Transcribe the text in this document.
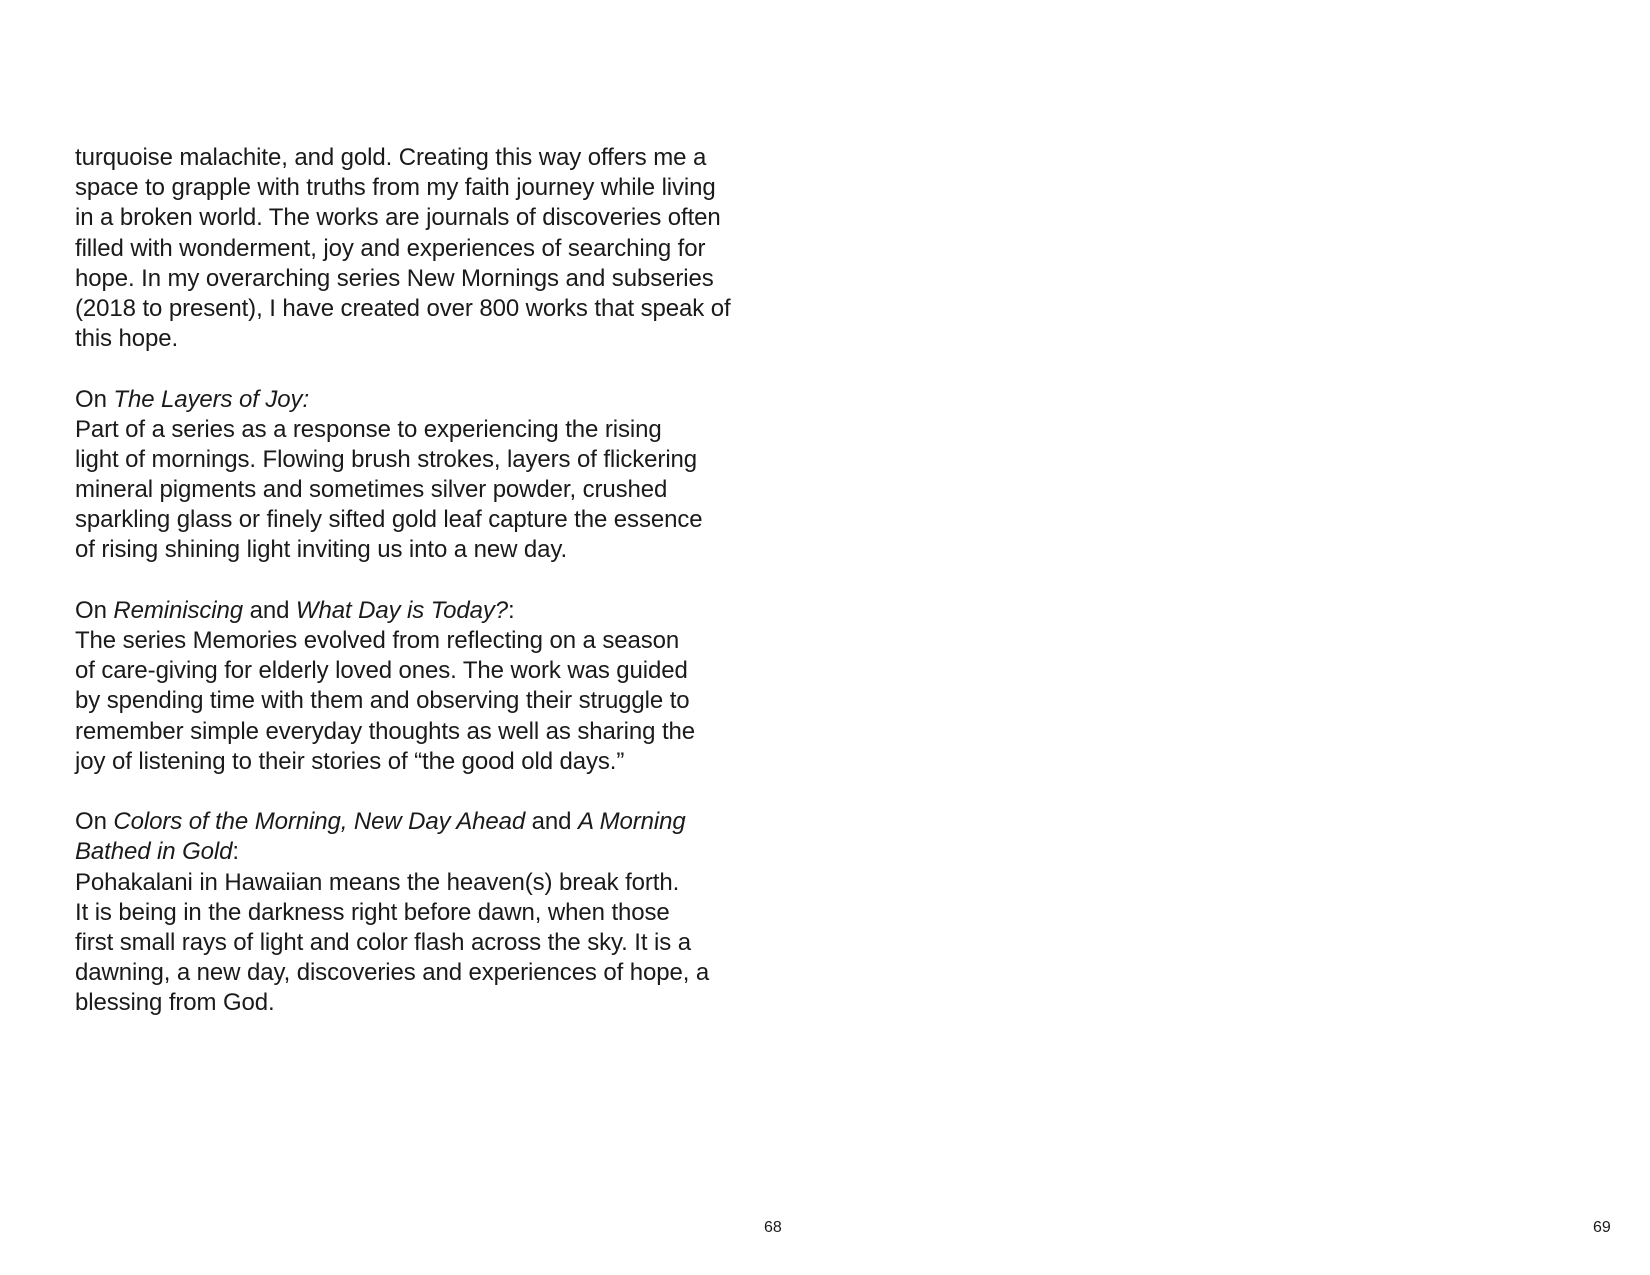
turquoise malachite, and gold. Creating this way offers me a
space to grapple with truths from my faith journey while living
in a broken world. The works are journals of discoveries often
filled with wonderment, joy and experiences of searching for
hope. In my overarching series New Mornings and subseries
(2018 to present), I have created over 800 works that speak of
this hope.
On The Layers of Joy:
Part of a series as a response to experiencing the rising
light of mornings. Flowing brush strokes, layers of flickering
mineral pigments and sometimes silver powder, crushed
sparkling glass or finely sifted gold leaf capture the essence
of rising shining light inviting us into a new day.
On Reminiscing and What Day is Today?:
The series Memories evolved from reflecting on a season
of care-giving for elderly loved ones. The work was guided
by spending time with them and observing their struggle to
remember simple everyday thoughts as well as sharing the
joy of listening to their stories of “the good old days.”
On Colors of the Morning, New Day Ahead and A Morning
Bathed in Gold:
Pohakalani in Hawaiian means the heaven(s) break forth.
It is being in the darkness right before dawn, when those
first small rays of light and color flash across the sky. It is a
dawning, a new day, discoveries and experiences of hope, a
blessing from God.
68	69
